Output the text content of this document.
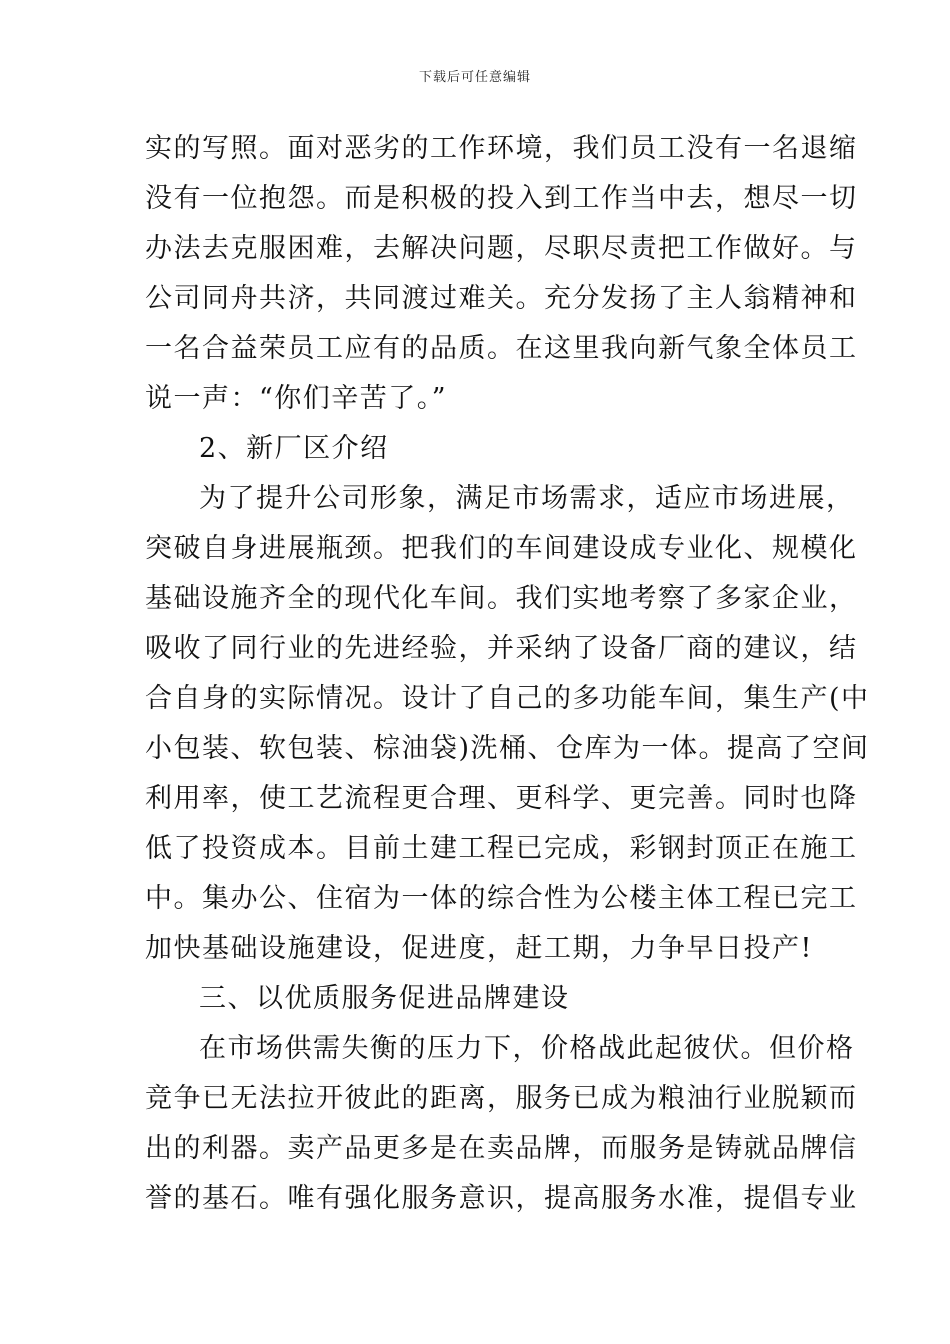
下载后可任意编辑
实的写照。面对恶劣的工作环境，我们员工没有一名退缩
没有一位抱怨。而是积极的投入到工作当中去，想尽一切
办法去克服困难，去解决问题，尽职尽责把工作做好。与
公司同舟共济，共同渡过难关。充分发扬了主人翁精神和
一名合益荣员工应有的品质。在这里我向新气象全体员工
说一声：“你们辛苦了。”
2、新厂区介绍
为了提升公司形象，满足市场需求，适应市场进展，
突破自身进展瓶颈。把我们的车间建设成专业化、规模化
基础设施齐全的现代化车间。我们实地考察了多家企业，
吸收了同行业的先进经验，并采纳了设备厂商的建议，结
合自身的实际情况。设计了自己的多功能车间，集生产(中
小包装、软包装、棕油袋)洗桶、仓库为一体。提高了空间
利用率，使工艺流程更合理、更科学、更完善。同时也降
低了投资成本。目前土建工程已完成，彩钢封顶正在施工
中。集办公、住宿为一体的综合性为公楼主体工程已完工
加快基础设施建设，促进度，赶工期，力争早日投产!
三、以优质服务促进品牌建设
在市场供需失衡的压力下，价格战此起彼伏。但价格
竞争已无法拉开彼此的距离，服务已成为粮油行业脱颖而
出的利器。卖产品更多是在卖品牌，而服务是铸就品牌信
誉的基石。唯有强化服务意识，提高服务水准，提倡专业
